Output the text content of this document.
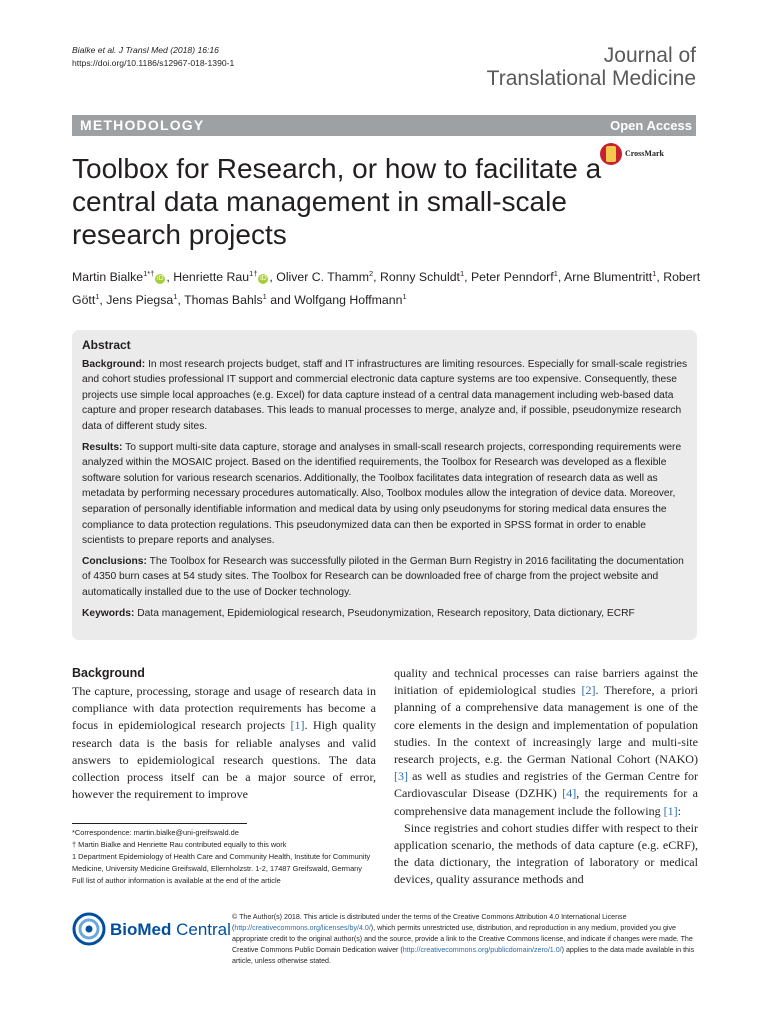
Bialke et al. J Transl Med (2018) 16:16
https://doi.org/10.1186/s12967-018-1390-1	Journal of
Translational Medicine
METHODOLOGY	Open Access
CrossMark
Toolbox for Research, or how to facilitate a central data management in small-scale research projects
Martin Bialke$^{1*\dagger}$iD , Henriette Rau$^{1\dagger}$iD , Oliver C. Thamm$^2$, Ronny Schuldt$^1$, Peter Penndorf$^1$, Arne Blumentritt$^1$, Robert Gött$^1$, Jens Piegsa$^1$, Thomas Bahls$^1$ and Wolfgang Hoffmann$^1$
Abstract

Background: In most research projects budget, staff and IT infrastructures are limiting resources. Especially for small-scale registries and cohort studies professional IT support and commercial electronic data capture systems are too expensive. Consequently, these projects use simple local approaches (e.g. Excel) for data capture instead of a central data management including web-based data capture and proper research databases. This leads to manual processes to merge, analyze and, if possible, pseudonymize research data of different study sites.

Results: To support multi-site data capture, storage and analyses in small-scall research projects, corresponding requirements were analyzed within the MOSAIC project. Based on the identified requirements, the Toolbox for Research was developed as a flexible software solution for various research scenarios. Additionally, the Toolbox facilitates data integration of research data as well as metadata by performing necessary procedures automatically. Also, Toolbox modules allow the integration of device data. Moreover, separation of personally identifiable information and medical data by using only pseudonyms for storing medical data ensures the compliance to data protection regulations. This pseudonymized data can then be exported in SPSS format in order to enable scientists to prepare reports and analyses.

Conclusions: The Toolbox for Research was successfully piloted in the German Burn Registry in 2016 facilitating the documentation of 4350 burn cases at 54 study sites. The Toolbox for Research can be downloaded free of charge from the project website and automatically installed due to the use of Docker technology.

Keywords: Data management, Epidemiological research, Pseudonymization, Research repository, Data dictionary, ECRF

Background

The capture, processing, storage and usage of research data in compliance with data protection requirements has become a focus in epidemiological research projects [1]. High quality research data is the basis for reliable analyses and valid answers to epidemiological research questions. The data collection process itself can be a major source of error, however the requirement to improve

quality and technical processes can raise barriers against the initiation of epidemiological studies [2]. Therefore, a priori planning of a comprehensive data management is one of the core elements in the design and implementation of population studies. In the context of increasingly large and multi-site research projects, e.g. the German National Cohort (NAKO) [3] as well as studies and registries of the German Centre for Cardiovascular Disease (DZHK) [4], the requirements for a comprehensive data management include the following [1]:

Since registries and cohort studies differ with respect to their application scenario, the methods of data capture (e.g. eCRF), the data dictionary, the integration of laboratory or medical devices, quality assurance methods and

*Correspondence: martin.bialke@uni-greifswald.de
† Martin Bialke and Henriette Rau contributed equally to this work
1 Department Epidemiology of Health Care and Community Health, Institute for Community Medicine, University Medicine Greifswald, Ellernholzstr. 1-2, 17487 Greifswald, Germany
Full list of author information is available at the end of the article
BioMed Central
© The Author(s) 2018. This article is distributed under the terms of the Creative Commons Attribution 4.0 International License (http://creativecommons.org/licenses/by/4.0/), which permits unrestricted use, distribution, and reproduction in any medium, provided you give appropriate credit to the original author(s) and the source, provide a link to the Creative Commons license, and indicate if changes were made. The Creative Commons Public Domain Dedication waiver (http://creativecommons.org/publicdomain/zero/1.0/) applies to the data made available in this article, unless otherwise stated.
